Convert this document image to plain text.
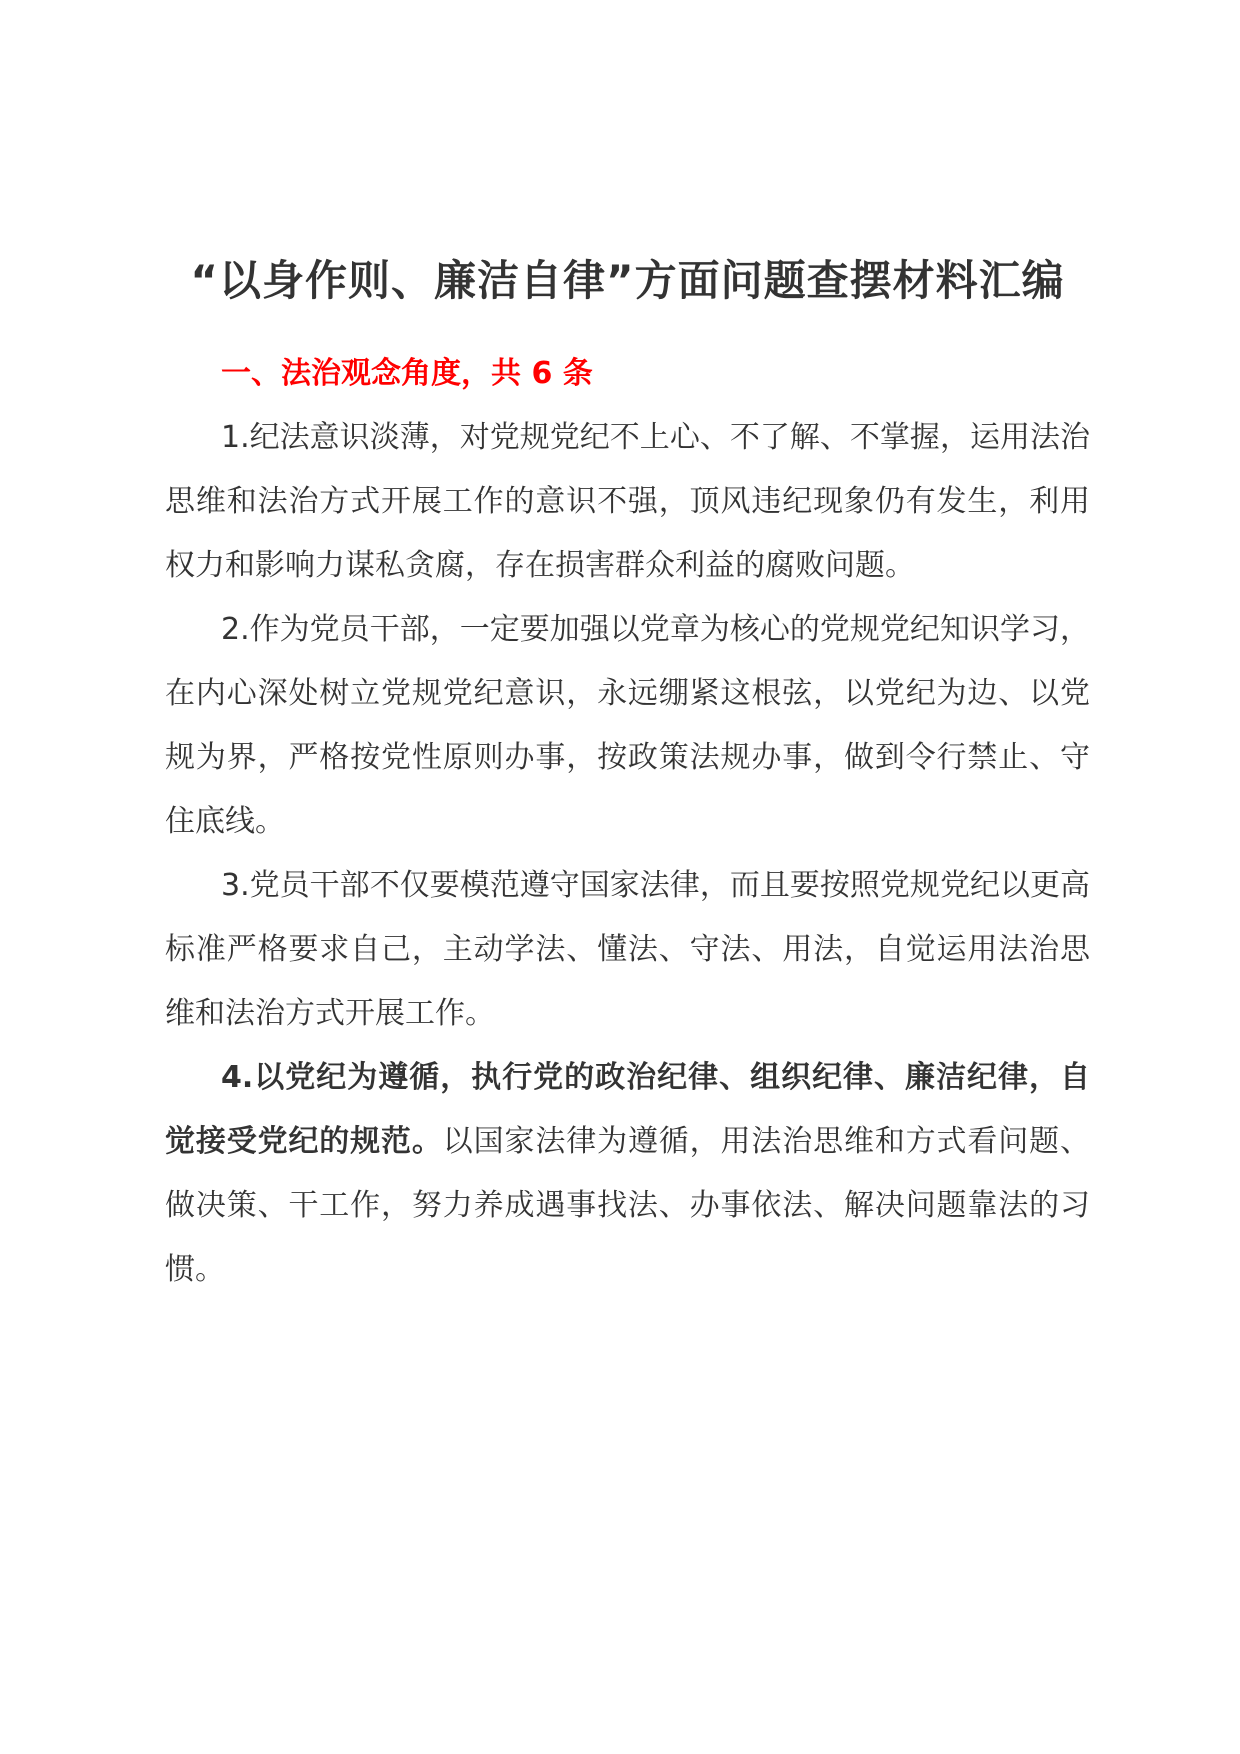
“以身作则、廉洁自律”方面问题查摆材料汇编

一、法治观念角度，共 6 条

1.纪法意识淡薄，对党规党纪不上心、不了解、不掌握，运用法治思维和法治方式开展工作的意识不强，顶风违纪现象仍有发生，利用权力和影响力谋私贪腐，存在损害群众利益的腐败问题。

2.作为党员干部，一定要加强以党章为核心的党规党纪知识学习，在内心深处树立党规党纪意识，永远绷紧这根弦，以党纪为边、以党规为界，严格按党性原则办事，按政策法规办事，做到令行禁止、守住底线。

3.党员干部不仅要模范遵守国家法律，而且要按照党规党纪以更高标准严格要求自己，主动学法、懂法、守法、用法，自觉运用法治思维和法治方式开展工作。

4.以党纪为遵循，执行党的政治纪律、组织纪律、廉洁纪律，自觉接受党纪的规范。以国家法律为遵循，用法治思维和方式看问题、做决策、干工作，努力养成遇事找法、办事依法、解决问题靠法的习惯。
